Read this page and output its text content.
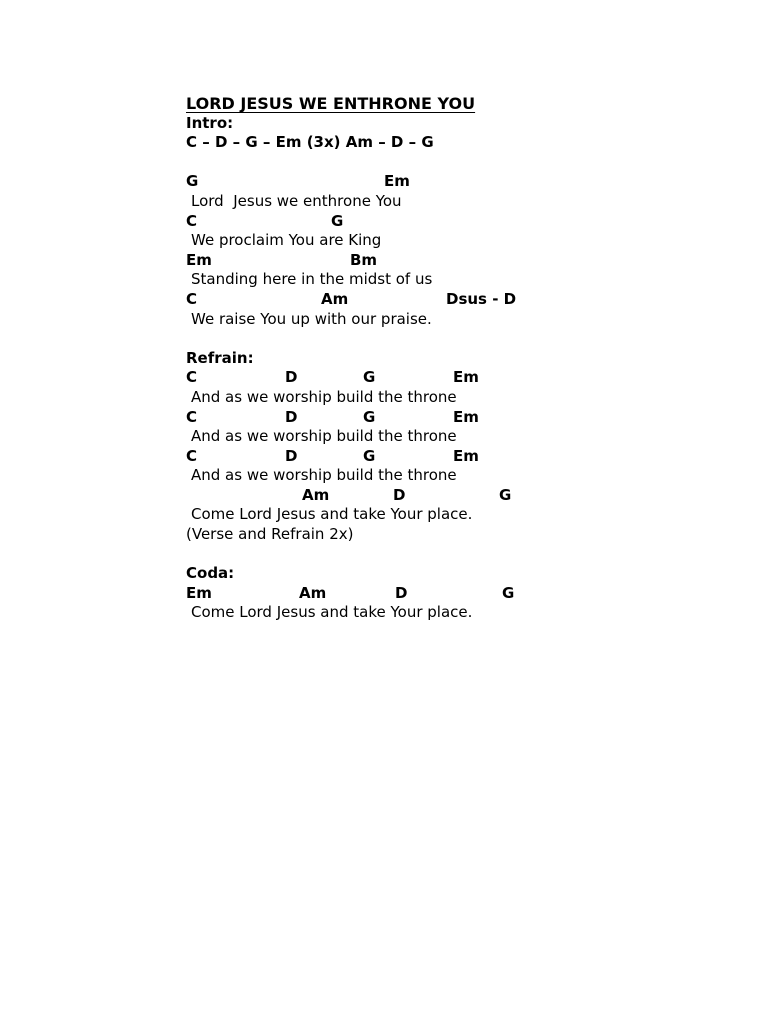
LORD JESUS WE ENTHRONE YOU
Intro:
C – D – G – Em (3x) Am – D – G

G

	Em

Lord  Jesus we enthrone You

C

	G

We proclaim You are King

Em

	Bm

Standing here in the midst of us

C

	Am

	Dsus - D

We raise You up with our praise.
Refrain:

C

	D

	G

	Em

And as we worship build the throne

C

	D

	G

	Em

And as we worship build the throne

C

	D

	G

	Em

And as we worship build the throne

Am

	D

	G

Come Lord Jesus and take Your place.
(Verse and Refrain 2x)
Coda:

Em

	Am

	D

	G

Come Lord Jesus and take Your place.
